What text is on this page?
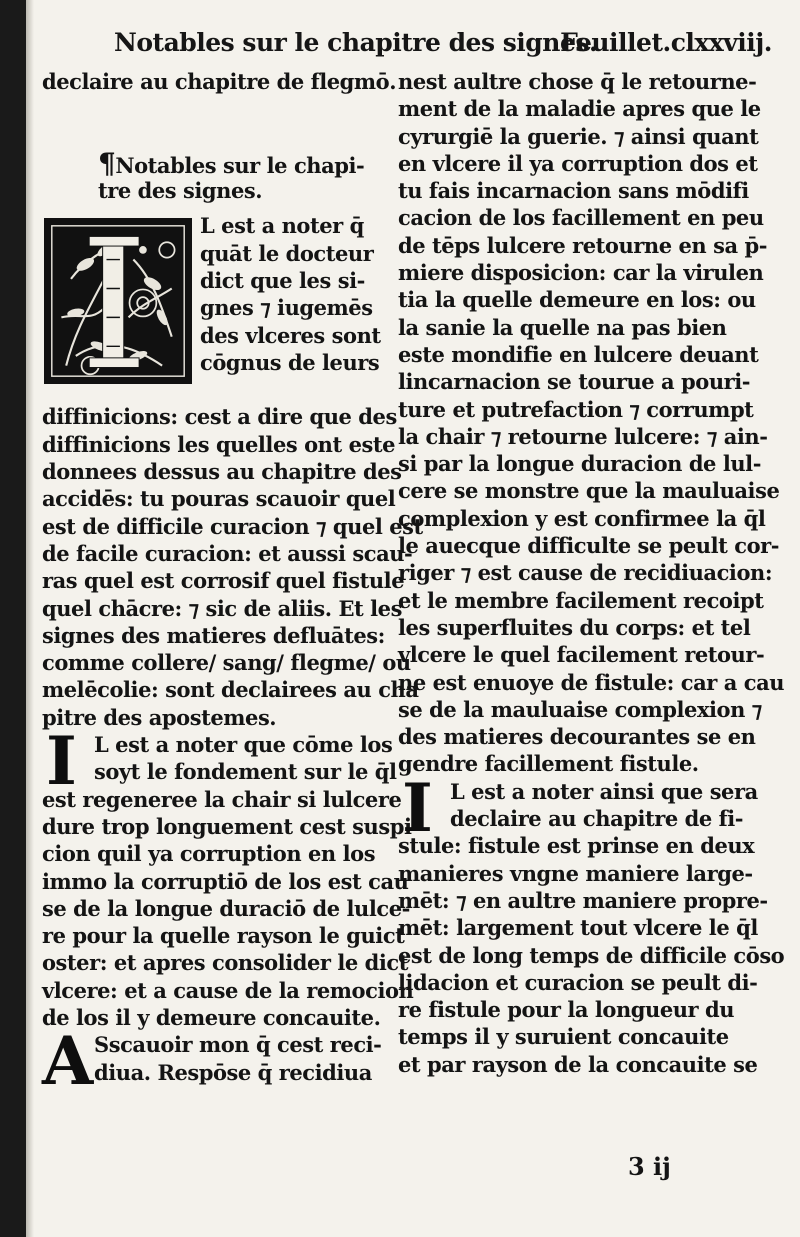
Notables sur le chapitre des signes.
Feuillet.clxxviij.
declaire au chapitre de flegmō.
¶Notables sur le chapi-
tre des signes.
L est a noter q̄
quāt le docteur
dict que les si-
gnes ⁊ iugemēs
des vlceres sont
cōgnus de leurs
diffinicions: cest a dire que des
diffinicions les quelles ont este
donnees dessus au chapitre des
accidēs: tu pouras scauoir quel
est de difficile curacion ⁊ quel est
de facile curacion: et aussi scau-
ras quel est corrosif quel fistule
quel chācre: ⁊ sic de aliis. Et les
signes des matieres defluātes:
comme collere/ sang/ flegme/ ou
melēcolie: sont declairees au cha
pitre des apostemes.
I L est a noter que cōme los
soyt le fondement sur le q̄l
est regeneree la chair si lulcere
dure trop longuement cest suspi
cion quil ya corruption en los
immo la corruptiō de los est cau
se de la longue duraciō de lulce-
re pour la quelle rayson le guict
oster: et apres consolider le dict
vlcere: et a cause de la remocion
de los il y demeure concauite.
A Sscauoir mon q̄ cest reci-
diua. Respōse q̄ recidiua
nest aultre chose q̄ le retourne-
ment de la maladie apres que le
cyrurgiē la guerie. ⁊ ainsi quant
en vlcere il ya corruption dos et
tu fais incarnacion sans mōdifi
cacion de los facillement en peu
de tēps lulcere retourne en sa p̄-
miere disposicion: car la virulen
tia la quelle demeure en los: ou
la sanie la quelle na pas bien
este mondifie en lulcere deuant
lincarnacion se tourue a pouri-
ture et putrefaction ⁊ corrumpt
la chair ⁊ retourne lulcere: ⁊ ain-
si par la longue duracion de lul-
cere se monstre que la mauluaise
complexion y est confirmee la q̄l
le auecque difficulte se peult cor-
riger ⁊ est cause de recidiuacion:
et le membre facilement recoipt
les superfluites du corps: et tel
vlcere le quel facilement retour-
ne est enuoye de fistule: car a cau
se de la mauluaise complexion ⁊
des matieres decourantes se en
gendre facillement fistule.
I L est a noter ainsi que sera
declaire au chapitre de fi-
stule: fistule est prinse en deux
manieres vngne maniere large-
mēt: ⁊ en aultre maniere propre-
mēt: largement tout vlcere le q̄l
est de long temps de difficile cōso
lidacion et curacion se peult di-
re fistule pour la longueur du
temps il y suruient concauite
et par rayson de la concauite se
3 ij
